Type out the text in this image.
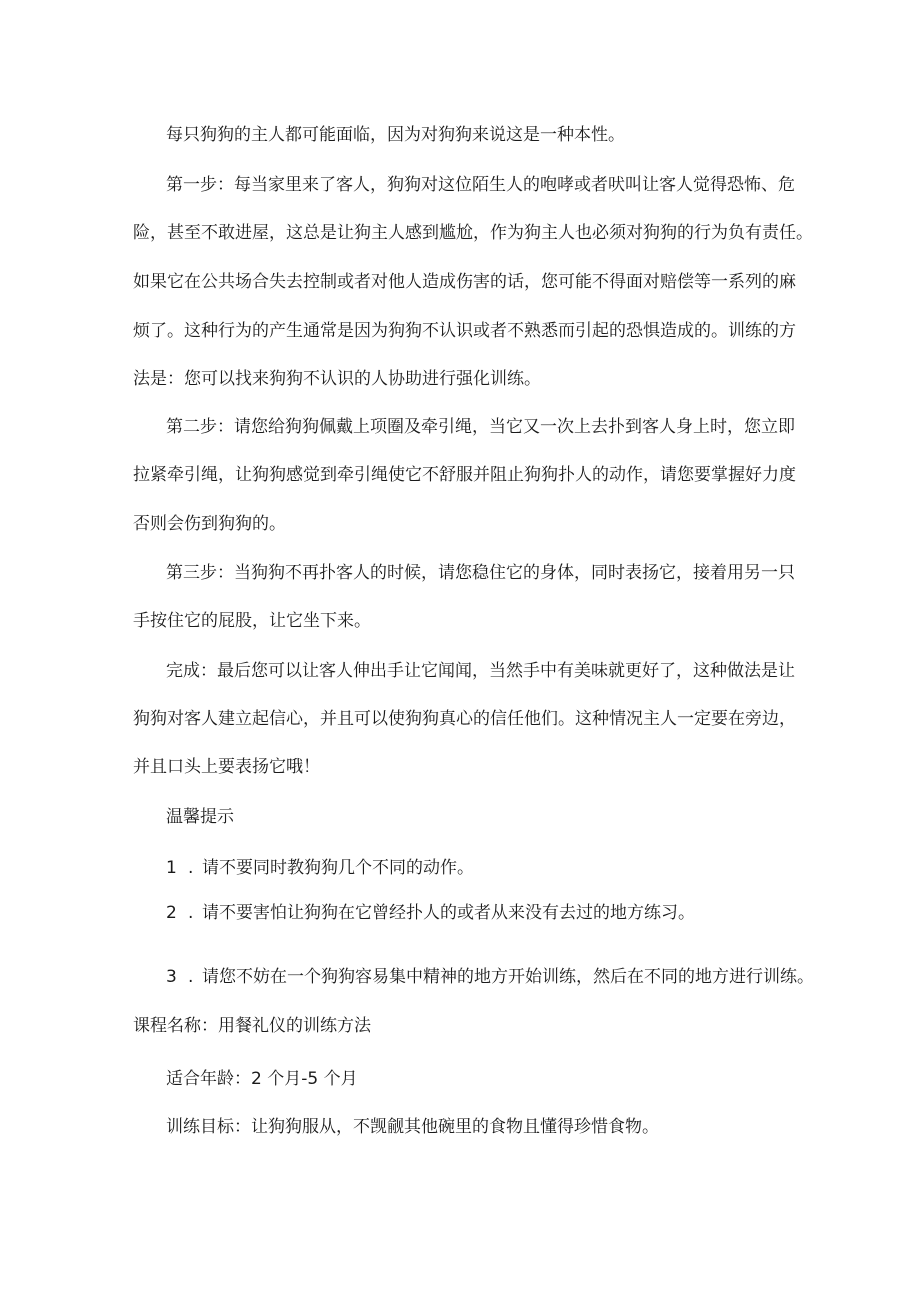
每只狗狗的主人都可能面临，因为对狗狗来说这是一种本性。
第一步：每当家里来了客人，狗狗对这位陌生人的咆哮或者吠叫让客人觉得恐怖、危
险，甚至不敢进屋，这总是让狗主人感到尴尬，作为狗主人也必须对狗狗的行为负有责任。
如果它在公共场合失去控制或者对他人造成伤害的话，您可能不得面对赔偿等一系列的麻
烦了。这种行为的产生通常是因为狗狗不认识或者不熟悉而引起的恐惧造成的。训练的方
法是：您可以找来狗狗不认识的人协助进行强化训练。
第二步：请您给狗狗佩戴上项圈及牵引绳，当它又一次上去扑到客人身上时，您立即
拉紧牵引绳，让狗狗感觉到牵引绳使它不舒服并阻止狗狗扑人的动作，请您要掌握好力度
否则会伤到狗狗的。
第三步：当狗狗不再扑客人的时候，请您稳住它的身体，同时表扬它，接着用另一只
手按住它的屁股，让它坐下来。
完成：最后您可以让客人伸出手让它闻闻，当然手中有美味就更好了，这种做法是让
狗狗对客人建立起信心，并且可以使狗狗真心的信任他们。这种情况主人一定要在旁边，
并且口头上要表扬它哦！
温馨提示
1 . 请不要同时教狗狗几个不同的动作。
2 . 请不要害怕让狗狗在它曾经扑人的或者从来没有去过的地方练习。
3 . 请您不妨在一个狗狗容易集中精神的地方开始训练，然后在不同的地方进行训练。
课程名称：用餐礼仪的训练方法
适合年龄：2 个月-5 个月
训练目标：让狗狗服从，不觊觎其他碗里的食物且懂得珍惜食物。
